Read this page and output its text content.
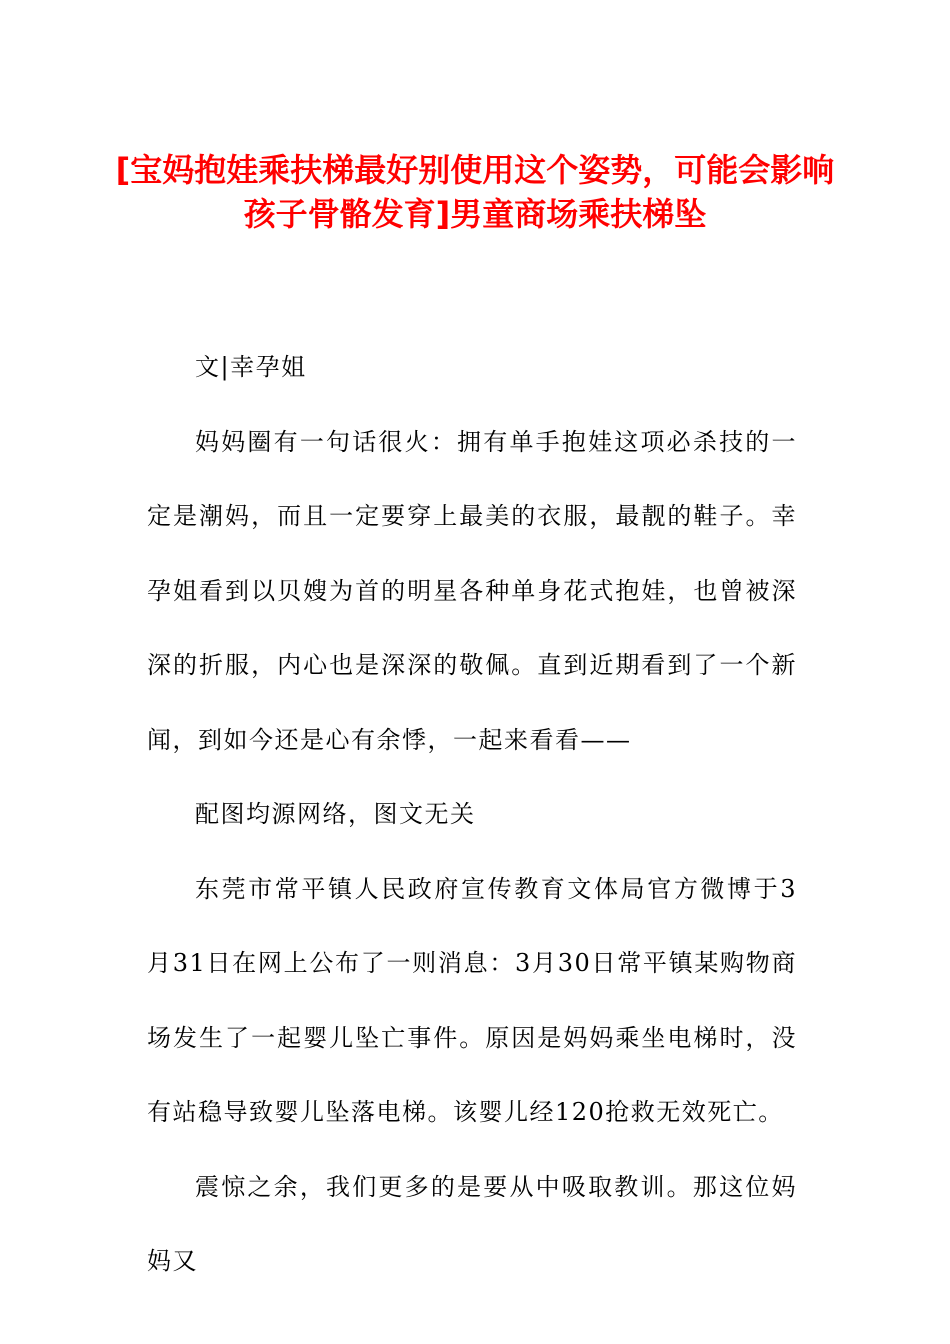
[宝妈抱娃乘扶梯最好别使用这个姿势，可能会影响孩子骨骼发育]男童商场乘扶梯坠

文|幸孕姐

妈妈圈有一句话很火：拥有单手抱娃这项必杀技的一定是潮妈，而且一定要穿上最美的衣服，最靓的鞋子。幸孕姐看到以贝嫂为首的明星各种单身花式抱娃，也曾被深深的折服，内心也是深深的敬佩。直到近期看到了一个新闻，到如今还是心有余悸，一起来看看——

配图均源网络，图文无关

东莞市常平镇人民政府宣传教育文体局官方微博于3月31日在网上公布了一则消息：3月30日常平镇某购物商场发生了一起婴儿坠亡事件。原因是妈妈乘坐电梯时，没有站稳导致婴儿坠落电梯。该婴儿经120抢救无效死亡。

震惊之余，我们更多的是要从中吸取教训。那这位妈妈又
